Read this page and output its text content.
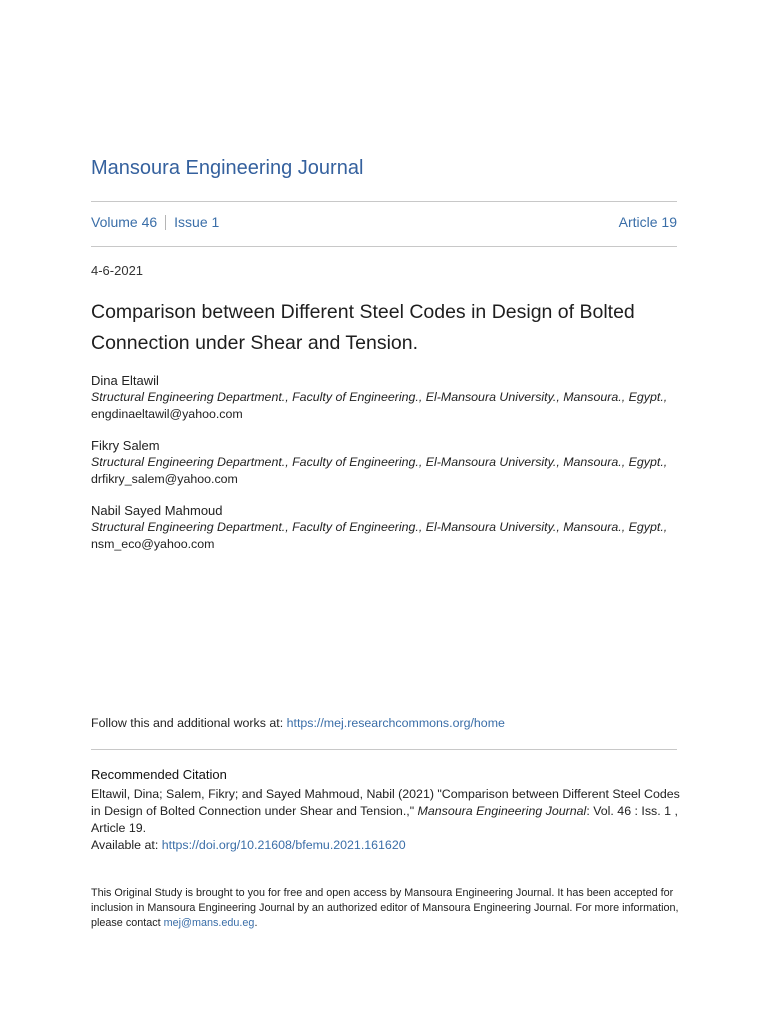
Mansoura Engineering Journal
Volume 46 Issue 1	Article 19
4-6-2021
Comparison between Different Steel Codes in Design of Bolted Connection under Shear and Tension.
Dina Eltawil
Structural Engineering Department., Faculty of Engineering., El-Mansoura University., Mansoura., Egypt.,
engdinaeltawil@yahoo.com
Fikry Salem
Structural Engineering Department., Faculty of Engineering., El-Mansoura University., Mansoura., Egypt.,
drfikry_salem@yahoo.com
Nabil Sayed Mahmoud
Structural Engineering Department., Faculty of Engineering., El-Mansoura University., Mansoura., Egypt.,
nsm_eco@yahoo.com
Follow this and additional works at: https://mej.researchcommons.org/home
Recommended Citation
Eltawil, Dina; Salem, Fikry; and Sayed Mahmoud, Nabil (2021) "Comparison between Different Steel Codes in Design of Bolted Connection under Shear and Tension.," Mansoura Engineering Journal: Vol. 46 : Iss. 1 , Article 19.
Available at: https://doi.org/10.21608/bfemu.2021.161620
This Original Study is brought to you for free and open access by Mansoura Engineering Journal. It has been accepted for inclusion in Mansoura Engineering Journal by an authorized editor of Mansoura Engineering Journal. For more information, please contact mej@mans.edu.eg.
